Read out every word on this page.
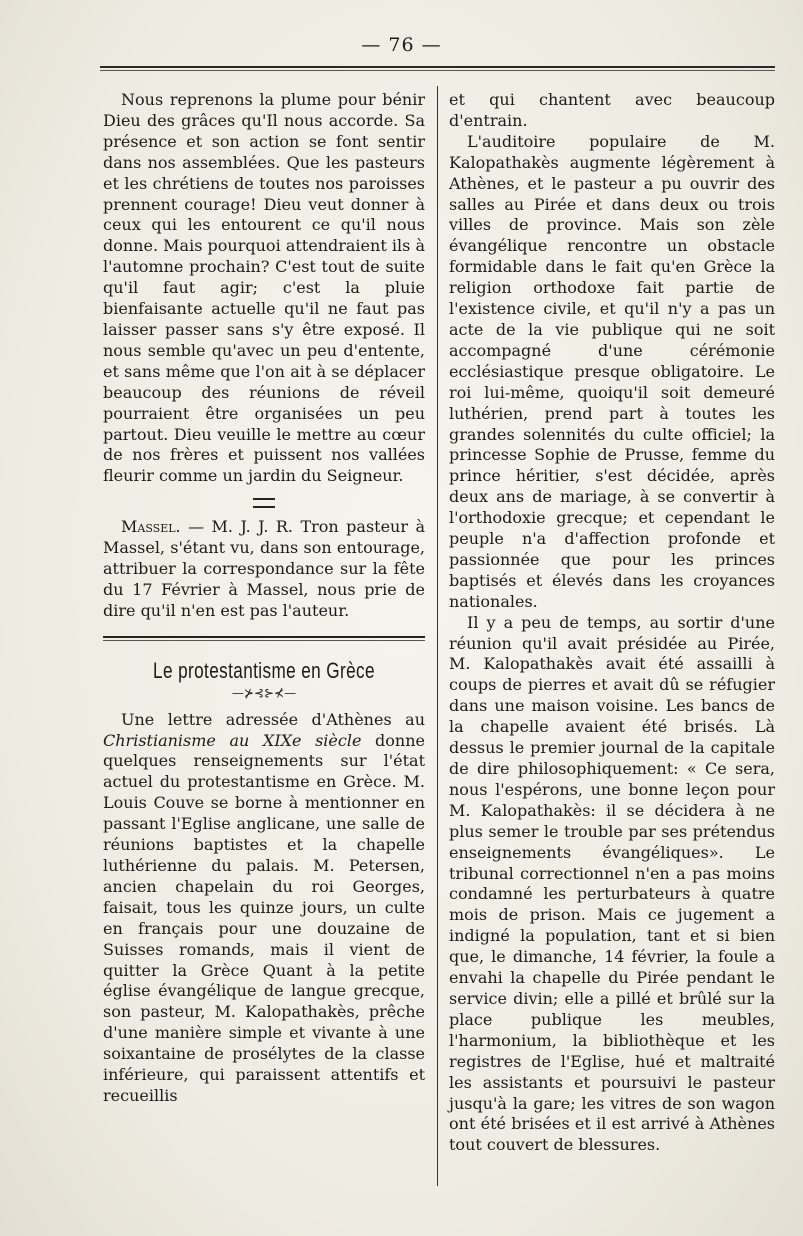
— 76 —

Nous reprenons la plume pour bénir Dieu des grâces qu'Il nous accorde. Sa présence et son action se font sentir dans nos assemblées. Que les pasteurs et les chrétiens de toutes nos paroisses prennent courage! Dieu veut donner à ceux qui les entourent ce qu'il nous donne. Mais pourquoi attendraient ils à l'automne prochain? C'est tout de suite qu'il faut agir; c'est la pluie bienfaisante actuelle qu'il ne faut pas laisser passer sans s'y être exposé. Il nous semble qu'avec un peu d'entente, et sans même que l'on ait à se déplacer beaucoup des réunions de réveil pourraient être organisées un peu partout. Dieu veuille le mettre au cœur de nos frères et puissent nos vallées fleurir comme un jardin du Seigneur.

Massel. — M. J. J. R. Tron pasteur à Massel, s'étant vu, dans son entourage, attribuer la correspondance sur la fête du 17 Février à Massel, nous prie de dire qu'il n'en est pas l'auteur.

Le protestantisme en Grèce
—⊁⊰⊱⊀—

Une lettre adressée d'Athènes au Christianisme au XIXe siècle donne quelques renseignements sur l'état actuel du protestantisme en Grèce. M. Louis Couve se borne à mentionner en passant l'Eglise anglicane, une salle de réunions baptistes et la chapelle luthérienne du palais. M. Petersen, ancien chapelain du roi Georges, faisait, tous les quinze jours, un culte en français pour une douzaine de Suisses romands, mais il vient de quitter la Grèce Quant à la petite église évangélique de langue grecque, son pasteur, M. Kalopathakès, prêche d'une manière simple et vivante à une soixantaine de prosélytes de la classe inférieure, qui paraissent attentifs et recueillis

et qui chantent avec beaucoup d'entrain.

L'auditoire populaire de M. Kalopathakès augmente légèrement à Athènes, et le pasteur a pu ouvrir des salles au Pirée et dans deux ou trois villes de province. Mais son zèle évangélique rencontre un obstacle formidable dans le fait qu'en Grèce la religion orthodoxe fait partie de l'existence civile, et qu'il n'y a pas un acte de la vie publique qui ne soit accompagné d'une cérémonie ecclésiastique presque obligatoire. Le roi lui-même, quoiqu'il soit demeuré luthérien, prend part à toutes les grandes solennités du culte officiel; la princesse Sophie de Prusse, femme du prince héritier, s'est décidée, après deux ans de mariage, à se convertir à l'orthodoxie grecque; et cependant le peuple n'a d'affection profonde et passionnée que pour les princes baptisés et élevés dans les croyances nationales.

Il y a peu de temps, au sortir d'une réunion qu'il avait présidée au Pirée, M. Kalopathakès avait été assailli à coups de pierres et avait dû se réfugier dans une maison voisine. Les bancs de la chapelle avaient été brisés. Là dessus le premier journal de la capitale de dire philosophiquement: « Ce sera, nous l'espérons, une bonne leçon pour M. Kalopathakès: il se décidera à ne plus semer le trouble par ses prétendus enseignements évangéliques». Le tribunal correctionnel n'en a pas moins condamné les perturbateurs à quatre mois de prison. Mais ce jugement a indigné la population, tant et si bien que, le dimanche, 14 février, la foule a envahi la chapelle du Pirée pendant le service divin; elle a pillé et brûlé sur la place publique les meubles, l'harmonium, la bibliothèque et les registres de l'Eglise, hué et maltraité les assistants et poursuivi le pasteur jusqu'à la gare; les vitres de son wagon ont été brisées et il est arrivé à Athènes tout couvert de blessures.
